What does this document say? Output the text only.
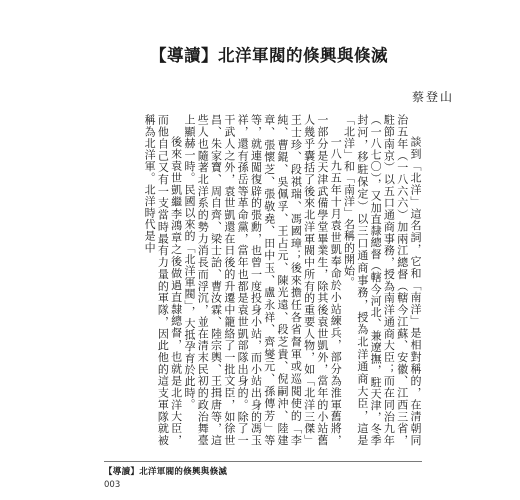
【導讀】北洋軍閥的倏興與倏滅
蔡登山

談到「北洋」這名詞，它和「南洋」是相對稱的，在清朝同治五年（一八六六）加兩江總督（轄今江蘇、安徽、江西三省，駐節南京）以五口通商事務，授為南洋通商大臣；而在同治九年（一八七〇），又加直隸總督（轄今河北、兼遼撫，駐天津，冬季封河，移駐保定）以三口通商事務，授為北洋通商大臣，這是「北洋」和「南洋」名稱的開始。

一八九五年十月袁世凱奉命於小站練兵，部分為淮軍舊將，一部分是天津武備學堂畢業生，除其後袁世凱外，當年的小站舊人幾乎囊括了後來北洋軍閥中所有的重要人物，如「北洋三傑」王士珍、段祺瑞、馮國璋；後來擔任各省督軍或巡閱使的「李純、曹錕、吳佩孚、王占元、陳光遠、段芝貴、倪嗣沖、陸建章、張懷芝、張敬堯、田中玉、盧永祥、齊燮元、孫傳芳」等等，就連闖復辟的張勳，也曾一度投身小站，而小站出身的馮玉祥，還有孫岳等革命黨，當年也都是袁世凱部隊出身的。除了一干武人之外，袁世凱還在日後的升遷中籠絡了一批文臣，如徐世昌、朱家寶、周自齊、梁士詒、曹汝霖、陸宗輿、王揖唐等，這些人也隨著北洋系的勢力消長而浮沉，並在清末民初的政治舞臺上顯赫一時。民國以來的「北洋軍閥」，大抵孕育於此時。

後來袁世凱繼李鴻章之後做過直隸總督，也就是北洋大臣，而他自己又有一支當時最有力量的軍隊，因此他的這支軍隊就被稱為北洋軍。北洋時代是中

【導讀】北洋軍閥的倏興與倏滅
003
